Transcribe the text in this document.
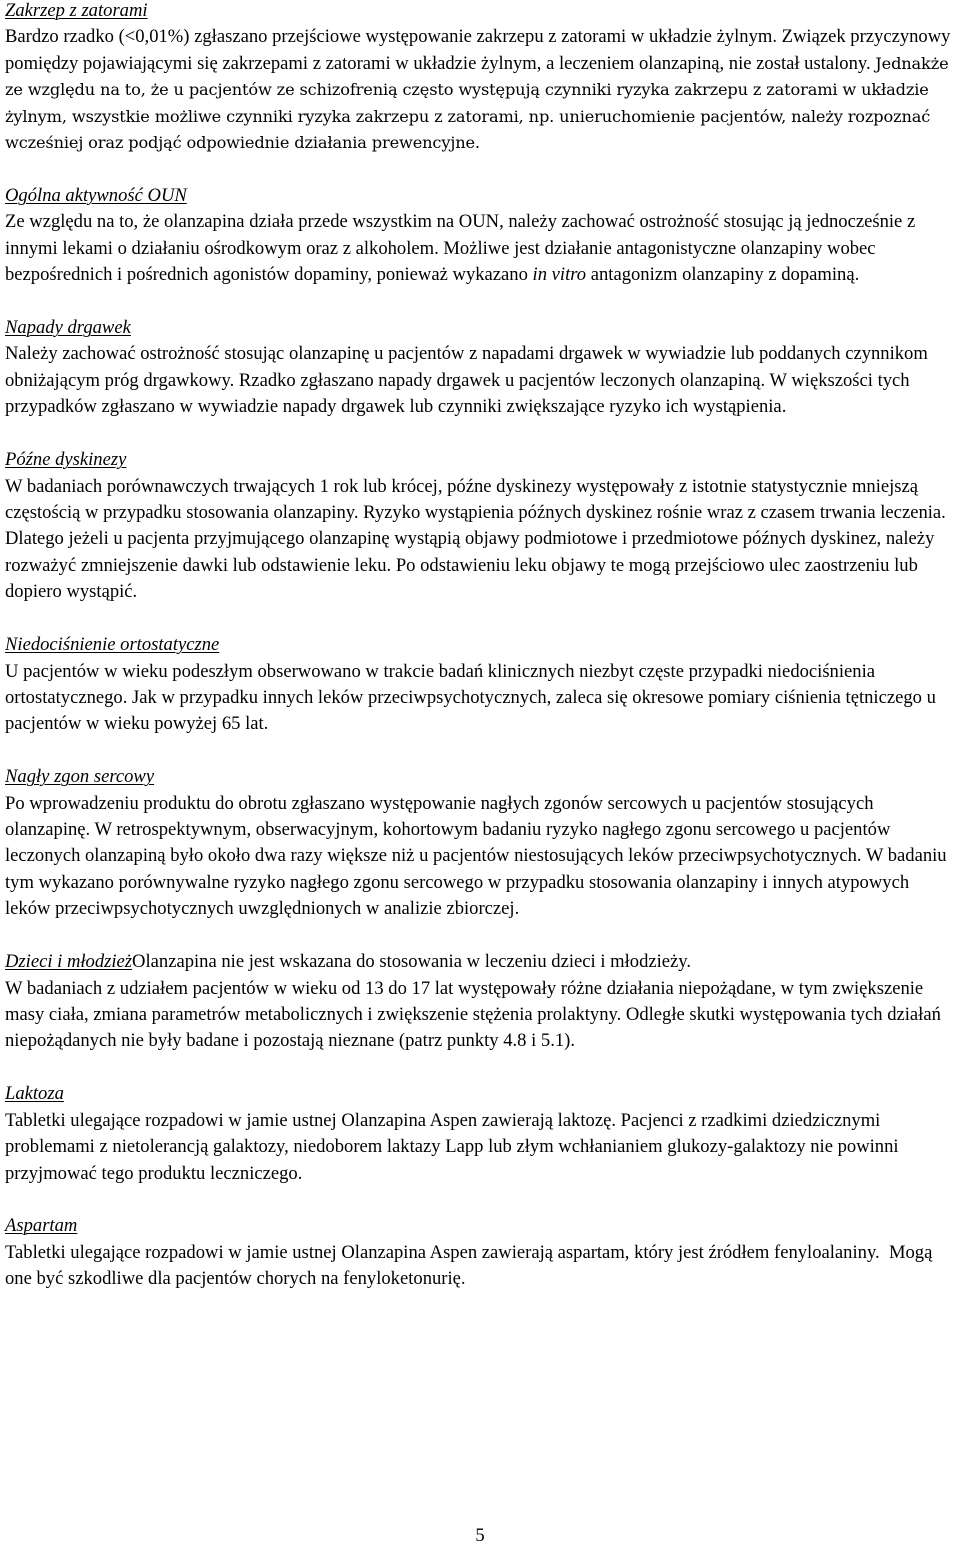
Zakrzep z zatorami

Bardzo rzadko (<0,01%) zgłaszano przejściowe występowanie zakrzepu z zatorami w układzie żylnym. Związek przyczynowy pomiędzy pojawiającymi się zakrzepami z zatorami w układzie żylnym, a leczeniem olanzapiną, nie został ustalony. Jednakże ze względu na to, że u pacjentów ze schizofrenią często występują czynniki ryzyka zakrzepu z zatorami w układzie żylnym, wszystkie możliwe czynniki ryzyka zakrzepu z zatorami, np. unieruchomienie pacjentów, należy rozpoznać wcześniej oraz podjąć odpowiednie działania prewencyjne.

Ogólna aktywność OUN

Ze względu na to, że olanzapina działa przede wszystkim na OUN, należy zachować ostrożność stosując ją jednocześnie z innymi lekami o działaniu ośrodkowym oraz z alkoholem. Możliwe jest działanie antagonistyczne olanzapiny wobec bezpośrednich i pośrednich agonistów dopaminy, ponieważ wykazano in vitro antagonizm olanzapiny z dopaminą.

Napady drgawek

Należy zachować ostrożność stosując olanzapinę u pacjentów z napadami drgawek w wywiadzie lub poddanych czynnikom obniżającym próg drgawkowy. Rzadko zgłaszano napady drgawek u pacjentów leczonych olanzapiną. W większości tych przypadków zgłaszano w wywiadzie napady drgawek lub czynniki zwiększające ryzyko ich wystąpienia.

Późne dyskinezy

W badaniach porównawczych trwających 1 rok lub krócej, późne dyskinezy występowały z istotnie statystycznie mniejszą częstością w przypadku stosowania olanzapiny. Ryzyko wystąpienia późnych dyskinez rośnie wraz z czasem trwania leczenia. Dlatego jeżeli u pacjenta przyjmującego olanzapinę wystąpią objawy podmiotowe i przedmiotowe późnych dyskinez, należy rozważyć zmniejszenie dawki lub odstawienie leku. Po odstawieniu leku objawy te mogą przejściowo ulec zaostrzeniu lub dopiero wystąpić.

Niedociśnienie ortostatyczne

U pacjentów w wieku podeszłym obserwowano w trakcie badań klinicznych niezbyt częste przypadki niedociśnienia ortostatycznego. Jak w przypadku innych leków przeciwpsychotycznych, zaleca się okresowe pomiary ciśnienia tętniczego u pacjentów w wieku powyżej 65 lat.

Nagły zgon sercowy

Po wprowadzeniu produktu do obrotu zgłaszano występowanie nagłych zgonów sercowych u pacjentów stosujących olanzapinę. W retrospektywnym, obserwacyjnym, kohortowym badaniu ryzyko nagłego zgonu sercowego u pacjentów leczonych olanzapiną było około dwa razy większe niż u pacjentów niestosujących leków przeciwpsychotycznych. W badaniu tym wykazano porównywalne ryzyko nagłego zgonu sercowego w przypadku stosowania olanzapiny i innych atypowych leków przeciwpsychotycznych uwzględnionych w analizie zbiorczej.

Dzieci i młodzieżOlanzapina nie jest wskazana do stosowania w leczeniu dzieci i młodzieży.

W badaniach z udziałem pacjentów w wieku od 13 do 17 lat występowały różne działania niepożądane, w tym zwiększenie masy ciała, zmiana parametrów metabolicznych i zwiększenie stężenia prolaktyny. Odległe skutki występowania tych działań niepożądanych nie były badane i pozostają nieznane (patrz punkty 4.8 i 5.1).

Laktoza

Tabletki ulegające rozpadowi w jamie ustnej Olanzapina Aspen zawierają laktozę. Pacjenci z rzadkimi dziedzicznymi problemami z nietolerancją galaktozy, niedoborem laktazy Lapp lub złym wchłanianiem glukozy-galaktozy nie powinni przyjmować tego produktu leczniczego.

Aspartam

Tabletki ulegające rozpadowi w jamie ustnej Olanzapina Aspen zawierają aspartam, który jest źródłem fenyloalaniny.  Mogą one być szkodliwe dla pacjentów chorych na fenyloketonurię.

5
